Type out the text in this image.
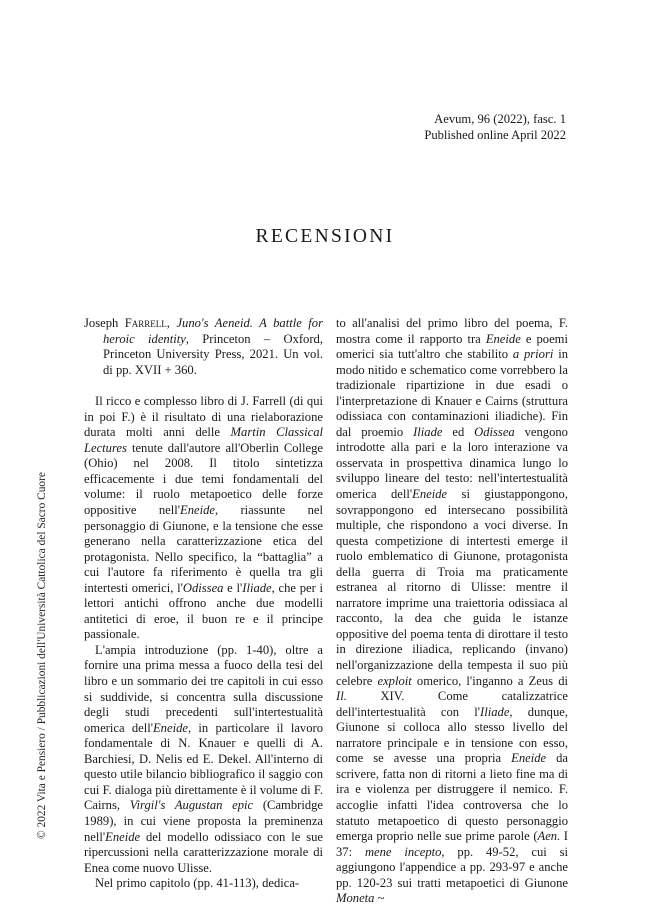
Aevum, 96 (2022), fasc. 1
Published online April 2022
RECENSIONI

Joseph Farrell, Juno's Aeneid. A battle for heroic identity, Princeton – Oxford, Princeton University Press, 2021. Un vol. di pp. XVII + 360.

Il ricco e complesso libro di J. Farrell (di qui in poi F.) è il risultato di una rielaborazione durata molti anni delle Martin Classical Lectures tenute dall'autore all'Oberlin College (Ohio) nel 2008. Il titolo sintetizza efficacemente i due temi fondamentali del volume: il ruolo metapoetico delle forze oppositive nell'Eneide, riassunte nel personaggio di Giunone, e la tensione che esse generano nella caratterizzazione etica del protagonista. Nello specifico, la “battaglia” a cui l'autore fa riferimento è quella tra gli intertesti omerici, l'Odissea e l'Iliade, che per i lettori antichi offrono anche due modelli antitetici di eroe, il buon re e il principe passionale.

L'ampia introduzione (pp. 1-40), oltre a fornire una prima messa a fuoco della tesi del libro e un sommario dei tre capitoli in cui esso si suddivide, si concentra sulla discussione degli studi precedenti sull'intertestualità omerica dell'Eneide, in particolare il lavoro fondamentale di N. Knauer e quelli di A. Barchiesi, D. Nelis ed E. Dekel. All'interno di questo utile bilancio bibliografico il saggio con cui F. dialoga più direttamente è il volume di F. Cairns, Virgil's Augustan epic (Cambridge 1989), in cui viene proposta la preminenza nell'Eneide del modello odissiaco con le sue ripercussioni nella caratterizzazione morale di Enea come nuovo Ulisse.

Nel primo capitolo (pp. 41-113), dedica-

to all'analisi del primo libro del poema, F. mostra come il rapporto tra Eneide e poemi omerici sia tutt'altro che stabilito a priori in modo nitido e schematico come vorrebbero la tradizionale ripartizione in due esadi o l'interpretazione di Knauer e Cairns (struttura odissiaca con contaminazioni iliadiche). Fin dal proemio Iliade ed Odissea vengono introdotte alla pari e la loro interazione va osservata in prospettiva dinamica lungo lo sviluppo lineare del testo: nell'intertestualità omerica dell'Eneide si giustappongono, sovrappongono ed intersecano possibilità multiple, che rispondono a voci diverse. In questa competizione di intertesti emerge il ruolo emblematico di Giunone, protagonista della guerra di Troia ma praticamente estranea al ritorno di Ulisse: mentre il narratore imprime una traiettoria odissiaca al racconto, la dea che guida le istanze oppositive del poema tenta di dirottare il testo in direzione iliadica, replicando (invano) nell'organizzazione della tempesta il suo più celebre exploit omerico, l'inganno a Zeus di Il. XIV. Come catalizzatrice dell'intertestualità con l'Iliade, dunque, Giunone si colloca allo stesso livello del narratore principale e in tensione con esso, come se avesse una propria Eneide da scrivere, fatta non di ritorni a lieto fine ma di ira e violenza per distruggere il nemico. F. accoglie infatti l'idea controversa che lo statuto metapoetico di questo personaggio emerga proprio nelle sue prime parole (Aen. I 37: mene incepto, pp. 49-52, cui si aggiungono l'appendice a pp. 293-97 e anche pp. 120-23 sui tratti metapoetici di Giunone Moneta ~

© 2022 Vita e Pensiero / Pubblicazioni dell'Università Cattolica del Sacro Cuore
